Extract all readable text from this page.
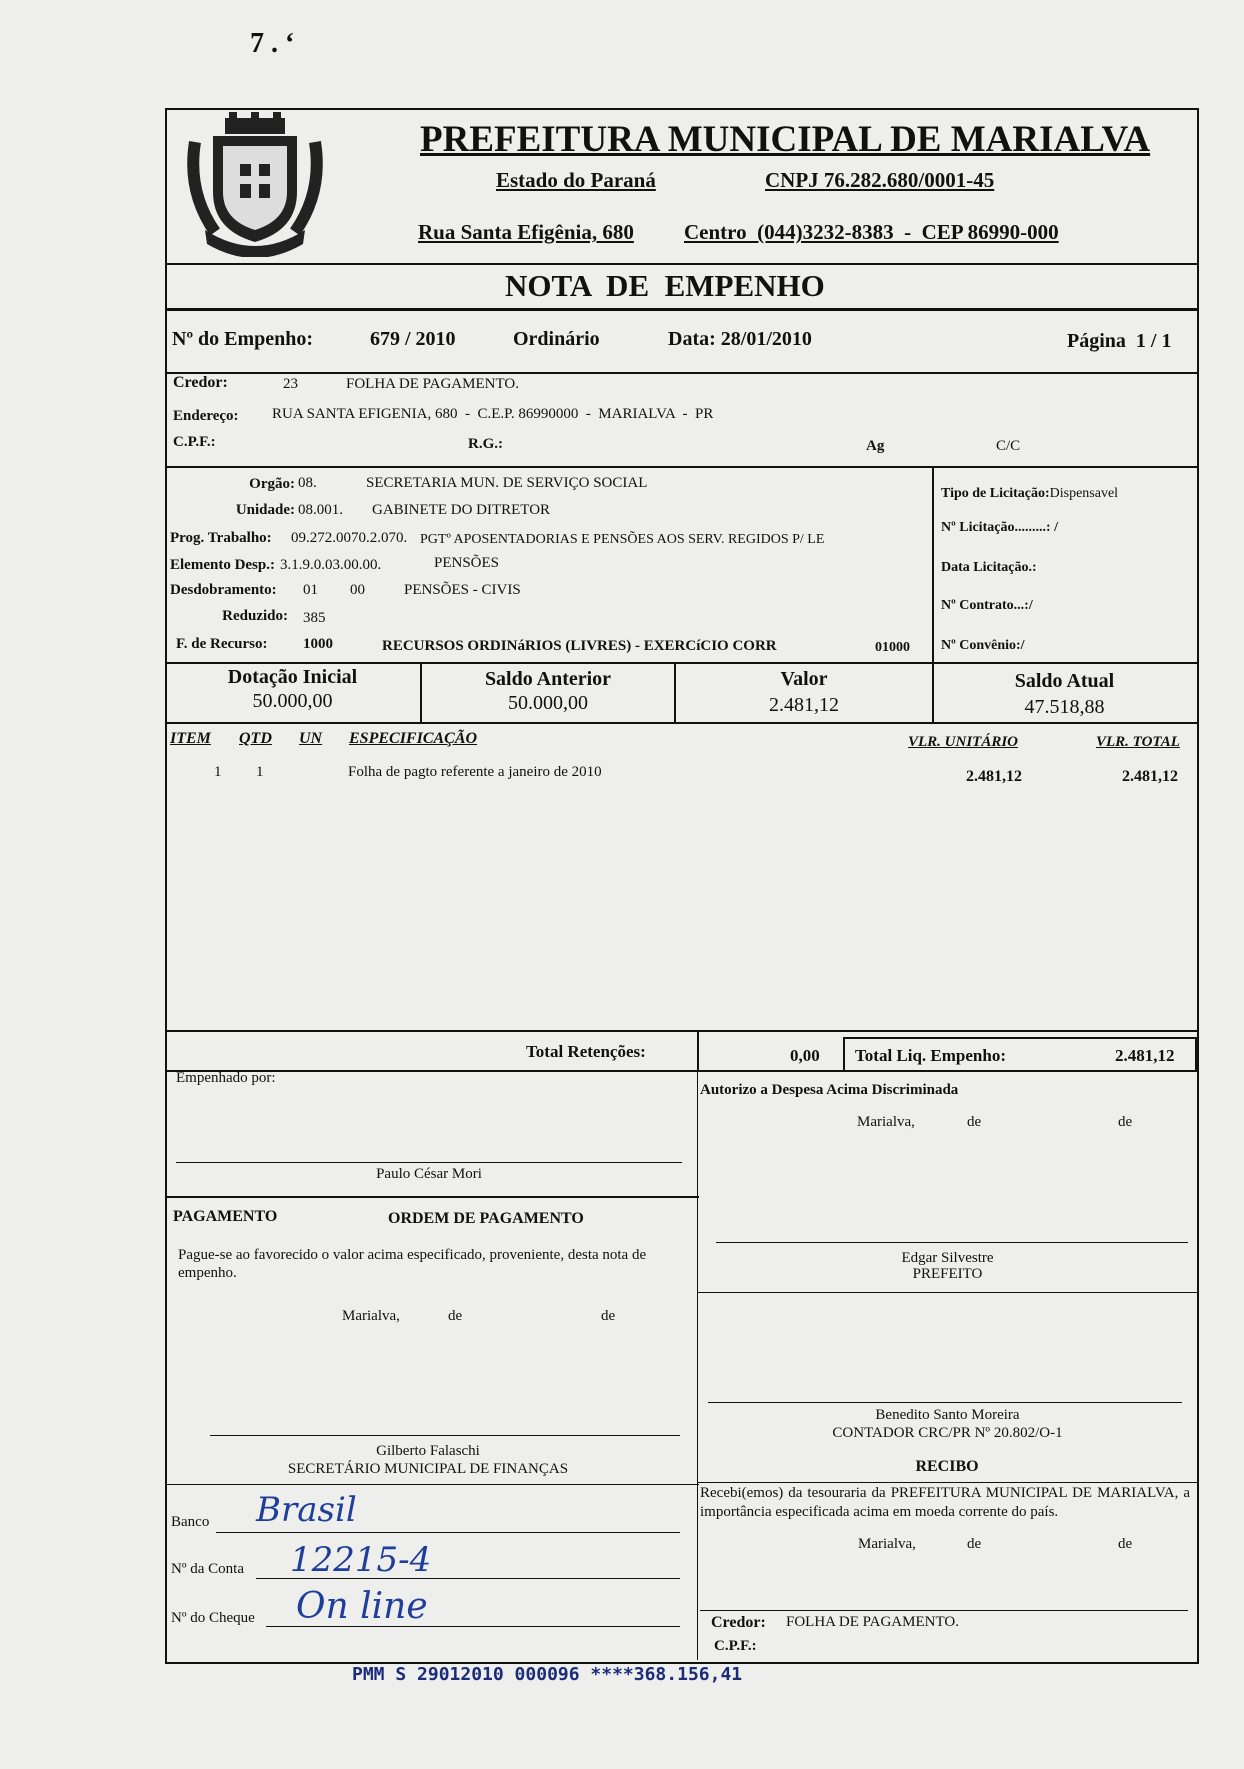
7 . ʻ
PREFEITURA MUNICIPAL DE MARIALVA
Estado do Paraná	CNPJ 76.282.680/0001-45
Rua Santa Efigênia, 680 Centro  (044)3232-8383  -  CEP 86990-000
NOTA  DE  EMPENHO
Nº do Empenho:	679 / 2010	Ordinário	Data: 28/01/2010	Página  1 / 1
Credor:	23	FOLHA DE PAGAMENTO.
Endereço: RUA SANTA EFIGENIA, 680  -  C.E.P. 86990000  -  MARIALVA  -  PR
C.P.F.:	R.G.:	Ag	C/C
Orgão: 08.	SECRETARIA MUN. DE SERVIÇO SOCIAL
Unidade: 08.001. GABINETE DO DITRETOR
Prog. Trabalho: 09.272.0070.2.070. PGTº APOSENTADORIAS E PENSÕES AOS SERV. REGIDOS P/ LE
Elemento Desp.: 3.1.9.0.03.00.00.	PENSÕES
Desdobramento: 01 00	PENSÕES - CIVIS
Reduzido: 385
F. de Recurso: 1000	RECURSOS ORDINáRIOS (LIVRES) - EXERCíCIO CORR	01000
Tipo de Licitação:Dispensavel
Nº Licitação.........: /
Data Licitação.:
Nº Contrato...:/
Nº Convênio:/
Dotação Inicial
50.000,00
Saldo Anterior
50.000,00
Valor
2.481,12
Saldo Atual
47.518,88
ITEM QTD UN ESPECIFICAÇÃO	VLR. UNITÁRIO	VLR. TOTAL
1 1	Folha de pagto referente a janeiro de 2010	2.481,12	2.481,12
Total Retenções:	0,00 Total Liq. Empenho:	2.481,12
Empenhado por:
Paulo César Mori
Autorizo a Despesa Acima Discriminada
Marialva,	de	de
Edgar Silvestre
PREFEITO
PAGAMENTO	ORDEM DE PAGAMENTO
Pague-se ao favorecido o valor acima especificado, proveniente, desta nota de empenho.
Marialva,	de	de
Gilberto Falaschi
SECRETÁRIO MUNICIPAL DE FINANÇAS
Benedito Santo Moreira
CONTADOR CRC/PR Nº 20.802/O-1
RECIBO
Recebi(emos) da tesouraria da PREFEITURA MUNICIPAL DE MARIALVA, a importância especificada acima em moeda corrente do país.
Marialva,	de	de
Credor: FOLHA DE PAGAMENTO.
C.P.F.:
Banco Brasil
Nº da Conta 12215-4
Nº do Cheque On line
PMM S 29012010 000096 ****368.156,41
